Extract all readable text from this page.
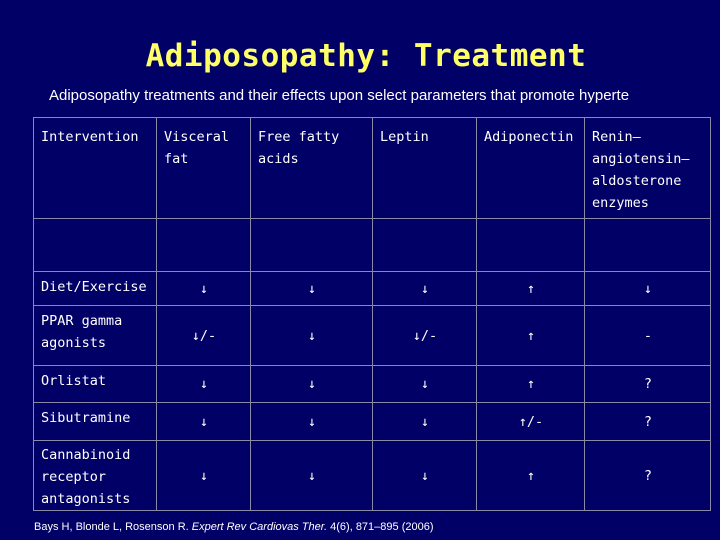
Adiposopathy: Treatment
Adiposopathy treatments and their effects upon select parameters that promote hyperte
Intervention	Visceral fat	Free fatty acids	Leptin	Adiponectin	Renin–angiotensin–aldosterone enzymes

Diet/Exercise	↓	↓	↓	↑	↓
PPAR gamma agonists	↓/-	↓	↓/-	↑	-
Orlistat	↓	↓	↓	↑	?
Sibutramine	↓	↓	↓	↑/-	?
Cannabinoid receptor antagonists	↓	↓	↓	↑	?
Bays H, Blonde L, Rosenson R. Expert Rev Cardiovas Ther. 4(6), 871–895 (2006)
